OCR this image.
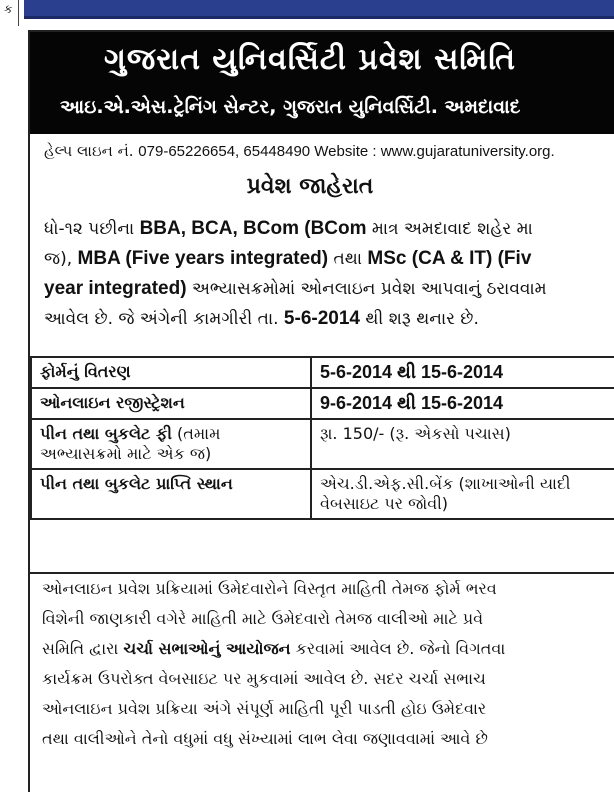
ક
ગુજરાત યુનિવર્સિટી પ્રવેશ સમિતિ
આઇ.એ.એસ.ટ્રેનિંગ સેન્ટર, ગુજરાત યુનિવર્સિટી. અમદાવાદ
હેલ્પ લાઇન નં. 079-65226654, 65448490 Website : www.gujaratuniversity.org.
પ્રવેશ જાહેરાત
ધો-૧૨ પછીના BBA, BCA, BCom (BCom માત્ર અમદાવાદ શહેર મા
જ), MBA (Five years integrated) તથા MSc (CA & IT) (Fiv
year integrated) અભ્યાસક્રમોમાં ઓનલાઇન પ્રવેશ આપવાનું ઠરાવવામ
આવેલ છે. જે અંગેની કામગીરી તા. 5-6-2014 થી શરૂ થનાર છે.
ફોર્મનું વિતરણ	5-6-2014 થી 15-6-2014
ઓનલાઇન રજીસ્ટ્રેશન	9-6-2014 થી 15-6-2014
પીન તથા બુકલેટ ફી (તમામ અભ્યાસક્રમો માટે એક જ)	રૂા. 150/- (રૂ. એકસો પચાસ)
પીન તથા બુકલેટ પ્રાપ્તિ સ્થાન	એચ.ડી.એફ.સી.બેંક (શાખાઓની યાદી વેબસાઇટ પર જોવી)
ઓનલાઇન પ્રવેશ પ્રક્રિયામાં ઉમેદવારોને વિસ્તૃત માહિતી તેમજ ફોર્મ ભરવ
વિશેની જાણકારી વગેરે માહિતી માટે ઉમેદવારો તેમજ વાલીઓ માટે પ્રવે
સમિતિ દ્વારા ચર્ચા સભાઓનું આયોજન કરવામાં આવેલ છે. જેનો વિગતવા
કાર્યક્રમ ઉપરોક્ત વેબસાઇટ પર મુકવામાં આવેલ છે. સદર ચર્ચા સભાચ
ઓનલાઇન પ્રવેશ પ્રક્રિયા અંગે સંપૂર્ણ માહિતી પૂરી પાડતી હોઇ ઉમેદવાર
તથા વાલીઓને તેનો વધુમાં વધુ સંખ્યામાં લાભ લેવા જણાવવામાં આવે છે
